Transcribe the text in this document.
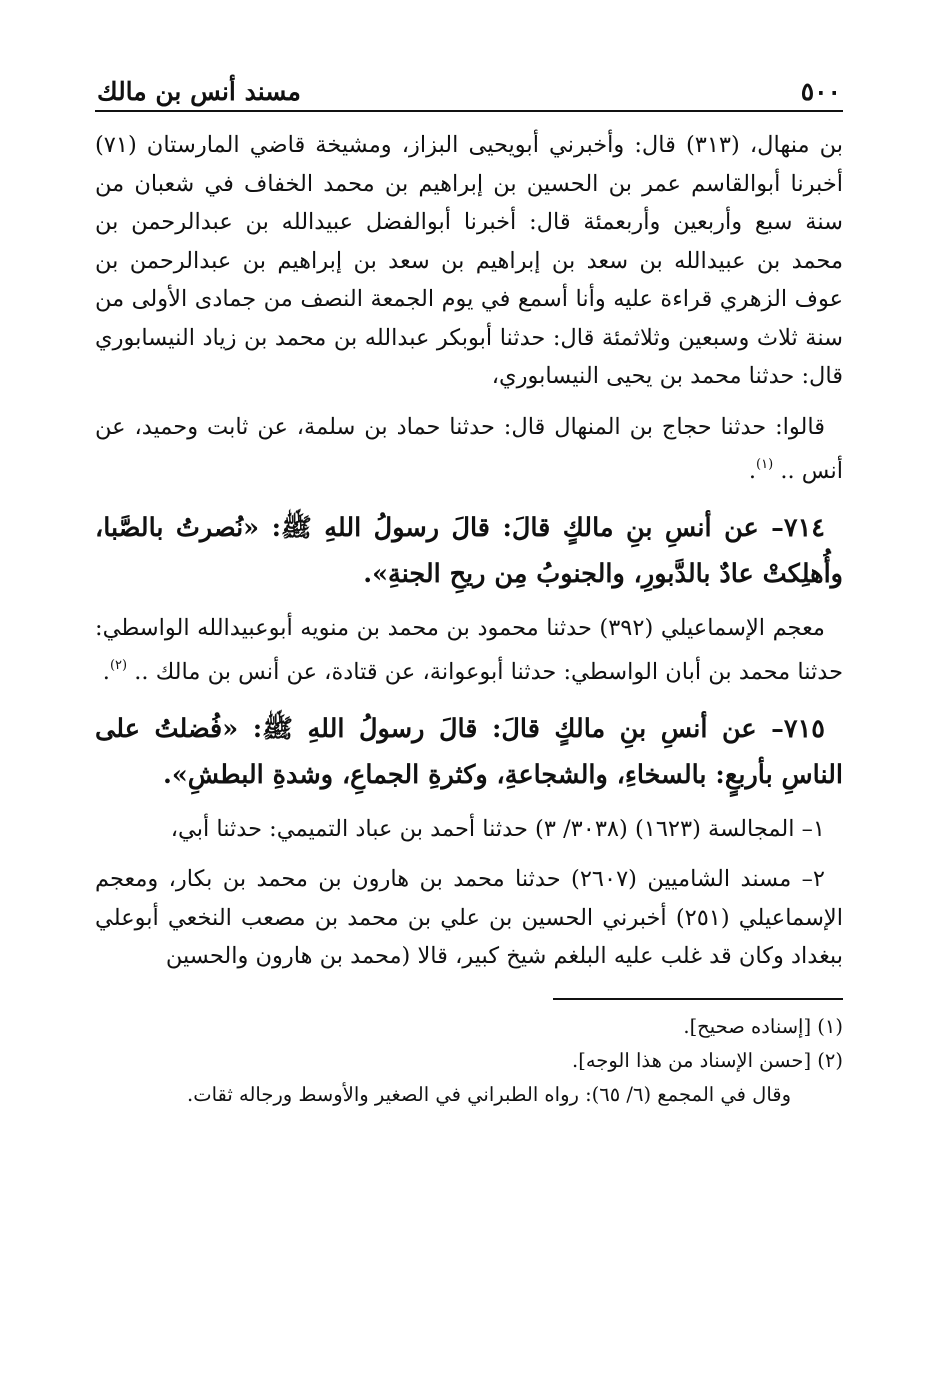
٥٠٠
مسند أنس بن مالك

بن منهال، (٣١٣) قال: وأخبرني أبويحيى البزاز، ومشيخة قاضي المارستان (٧١) أخبرنا أبوالقاسم عمر بن الحسين بن إبراهيم بن محمد الخفاف في شعبان من سنة سبع وأربعين وأربعمئة قال: أخبرنا أبوالفضل عبيدالله بن عبدالرحمن بن محمد بن عبيدالله بن سعد بن إبراهيم بن سعد بن إبراهيم بن عبدالرحمن بن عوف الزهري قراءة عليه وأنا أسمع في يوم الجمعة النصف من جمادى الأولى من سنة ثلاث وسبعين وثلاثمئة قال: حدثنا أبوبكر عبدالله بن محمد بن زياد النيسابوري قال: حدثنا محمد بن يحيى النيسابوري،

قالوا: حدثنا حجاج بن المنهال قال: حدثنا حماد بن سلمة، عن ثابت وحميد، عن أنس .. $^{(١)}$.

٧١٤– عن أنسِ بنِ مالكٍ قالَ: قالَ رسولُ اللهِ ﷺ: «نُصرتُ بالصَّبا، وأُهلِكتْ عادٌ بالدَّبورِ، والجنوبُ مِن ريحِ الجنةِ».

معجم الإسماعيلي (٣٩٢) حدثنا محمود بن محمد بن منويه أبوعبيدالله الواسطي: حدثنا محمد بن أبان الواسطي: حدثنا أبوعوانة، عن قتادة، عن أنس بن مالك .. $^{(٢)}$.

٧١٥– عن أنسِ بنِ مالكٍ قالَ: قالَ رسولُ اللهِ ﷺ: «فُضلتُ على الناسِ بأربعٍ: بالسخاءِ، والشجاعةِ، وكثرةِ الجماعِ، وشدةِ البطشِ».

١– المجالسة (١٦٢٣) (٣٠٣٨/ ٣) حدثنا أحمد بن عباد التميمي: حدثنا أبي،

٢– مسند الشاميين (٢٦٠٧) حدثنا محمد بن هارون بن محمد بن بكار، ومعجم الإسماعيلي (٢٥١) أخبرني الحسين بن علي بن محمد بن مصعب النخعي أبوعلي ببغداد وكان قد غلب عليه البلغم شيخ كبير، قالا (محمد بن هارون والحسين

(١) [إسناده صحيح].

(٢) [حسن الإسناد من هذا الوجه].

وقال في المجمع (٦/ ٦٥): رواه الطبراني في الصغير والأوسط ورجاله ثقات.
